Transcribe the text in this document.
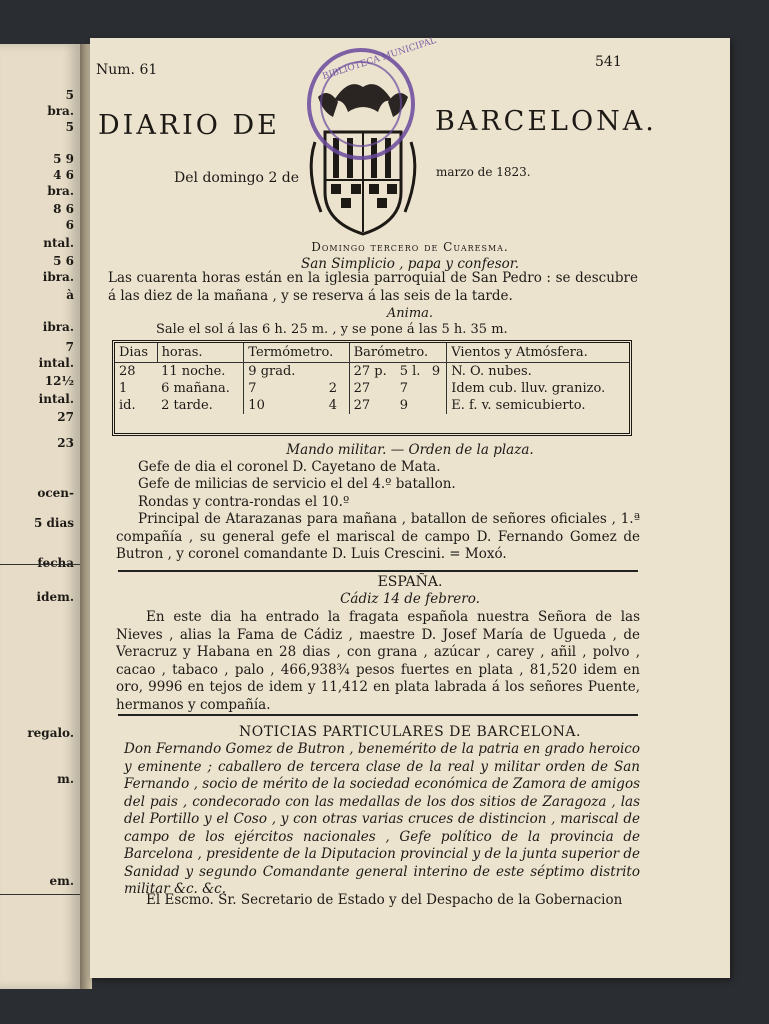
5
bra.
5
5 9
4 6
bra.
8 6
6
ntal.
5 6
ibra.
à
ibra.
7
intal.
12½
intal.
27
23
ocen-
5 dias
fecha
idem.
regalo.
m.
em.
Num. 61	541
DIARIO DE	BARCELONA.
BIBLIOTECA MUNICIPAL
Del domingo 2 de	marzo de 1823.
Domingo tercero de Cuaresma.
San Simplicio , papa y confesor.
Las cuarenta horas están en la iglesia parroquial de San Pedro : se descubre á las diez de la mañana , y se reserva á las seis de la tarde.
Anima.
Sale el sol á las 6 h. 25 m. , y se pone á las 5 h. 35 m.
Dias	horas.	Termómetro.		Barómetro.			Vientos y Atmósfera.
28	11 noche.	9 grad.		27 p.	5 l.	9	N. O. nubes.
1	6 mañana.	7	2	27	7		Idem cub. lluv. granizo.
id.	2 tarde.	10	4	27	9		E. f. v. semicubierto.
Mando militar. — Orden de la plaza.
Gefe de dia el coronel D. Cayetano de Mata.
Gefe de milicias de servicio el del 4.º batallon.
Rondas y contra-rondas el 10.º
Principal de Atarazanas para mañana , batallon de señores oficiales , 1.ª compañía , su general gefe el mariscal de campo D. Fernando Gomez de Butron , y coronel comandante D. Luis Crescini. = Moxó.
ESPAÑA.
Cádiz 14 de febrero.
En este dia ha entrado la fragata española nuestra Señora de las Nieves , alias la Fama de Cádiz , maestre D. Josef María de Ugueda , de Veracruz y Habana en 28 dias , con grana , azúcar , carey , añil , polvo , cacao , tabaco , palo , 466,938¾ pesos fuertes en plata , 81,520 idem en oro, 9996 en tejos de idem y 11,412 en plata labrada á los señores Puente, hermanos y compañía.
NOTICIAS PARTICULARES DE BARCELONA.
Don Fernando Gomez de Butron , benemérito de la patria en grado heroico y eminente ; caballero de tercera clase de la real y militar orden de San Fernando , socio de mérito de la sociedad económica de Zamora de amigos del pais , condecorado con las medallas de los dos sitios de Zaragoza , las del Portillo y el Coso , y con otras varias cruces de distincion , mariscal de campo de los ejércitos nacionales , Gefe político de la provincia de Barcelona , presidente de la Diputacion provincial y de la junta superior de Sanidad y segundo Comandante general interino de este séptimo distrito militar &c. &c.
El Escmo. Sr. Secretario de Estado y del Despacho de la Gobernacion
